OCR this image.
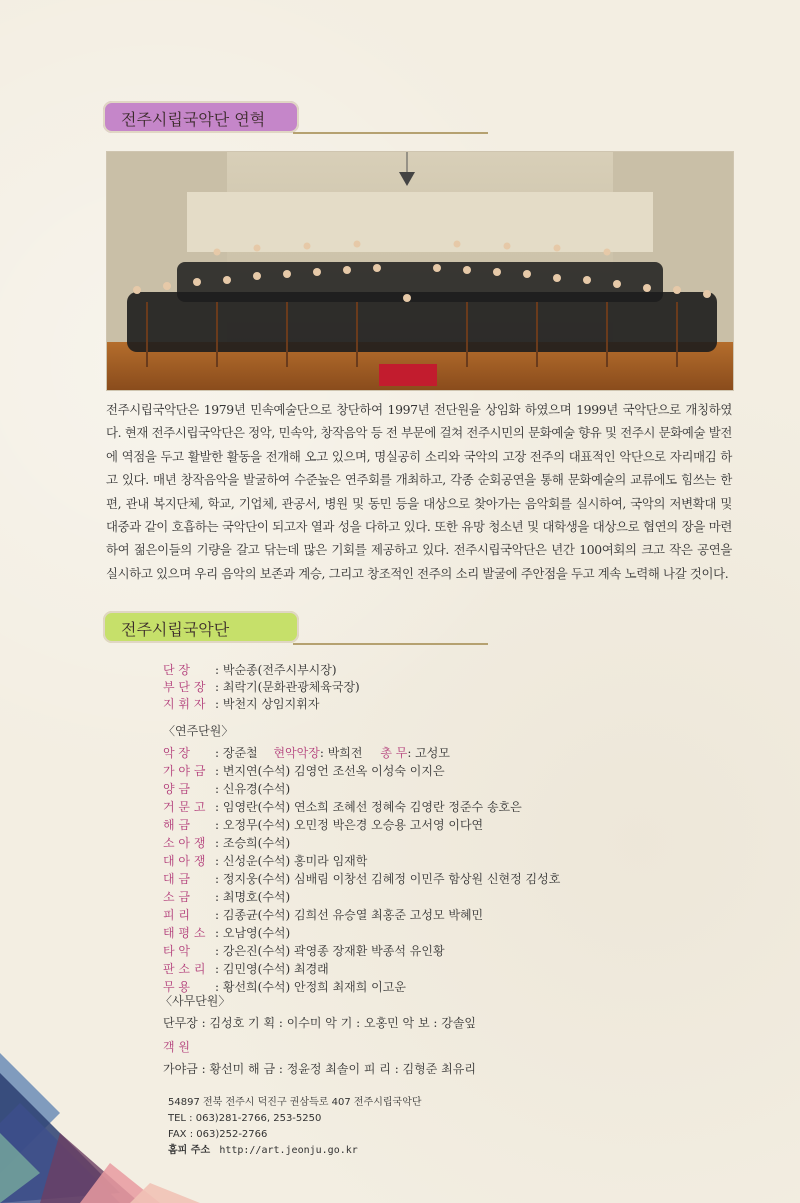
전주시립국악단 연혁
전주시립국악단은 1979년 민속예술단으로 창단하여 1997년 전단원을 상임화 하였으며 1999년 국악단으로 개칭하였다. 현재 전주시립국악단은 정악, 민속악, 창작음악 등 전 부문에 걸쳐 전주시민의 문화예술 향유 및 전주시 문화예술 발전에 역점을 두고 활발한 활동을 전개해 오고 있으며, 명실공히 소리와 국악의 고장 전주의 대표적인 악단으로 자리매김 하고 있다. 매년 창작음악을 발굴하여 수준높은 연주회를 개최하고, 각종 순회공연을 통해 문화예술의 교류에도 힘쓰는 한편, 관내 복지단체, 학교, 기업체, 관공서, 병원 및 동민 등을 대상으로 찾아가는 음악회를 실시하여, 국악의 저변확대 및 대중과 같이 호흡하는 국악단이 되고자 열과 성을 다하고 있다. 또한 유망 청소년 및 대학생을 대상으로 협연의 장을 마련하여 젊은이들의 기량을 갈고 닦는데 많은 기회를 제공하고 있다. 전주시립국악단은 년간 100여회의 크고 작은 공연을 실시하고 있으며 우리 음악의 보존과 계승, 그리고 창조적인 전주의 소리 발굴에 주안점을 두고 계속 노력해 나갈 것이다.
전주시립국악단
단 장 : 박순종(전주시부시장)
부 단 장 : 최락기(문화관광체육국장)
지 휘 자 : 박천지 상임지휘자
〈연주단원〉
악 장 : 장준철 현악악장: 박희전 총 무: 고성모
가 야 금 : 변지연(수석) 김영언 조선옥 이성숙 이지은
양 금 : 신유경(수석)
거 문 고 : 임영란(수석) 연소희 조혜선 정혜숙 김영란 정준수 송호은
해 금 : 오정무(수석) 오민정 박은경 오승용 고서영 이다연
소 아 쟁 : 조승희(수석)
대 아 쟁 : 신성운(수석) 홍미라 임재학
대 금 : 정지웅(수석) 심배림 이창선 김혜정 이민주 함상원 신현정 김성호
소 금 : 최명호(수석)
피 리 : 김종균(수석) 김희선 유승열 최홍준 고성모 박혜민
태 평 소 : 오남영(수석)
타 악 : 강은진(수석) 곽영종 장재환 박종석 유인황
판 소 리 : 김민영(수석) 최경래
무 용 : 황선희(수석) 안정희 최재희 이고운
〈사무단원〉
단무장 : 김성호 기 획 : 이수미 악 기 : 오홍민 악 보 : 강솔잎
객 원
가야금 : 황선미 해 금 : 정윤정 최솔이 피 리 : 김형준 최유리
54897 전북 전주시 덕진구 권삼득로 407 전주시립국악단
TEL : 063)281-2766, 253-5250
FAX : 063)252-2766
홈피 주소 http://art.jeonju.go.kr
